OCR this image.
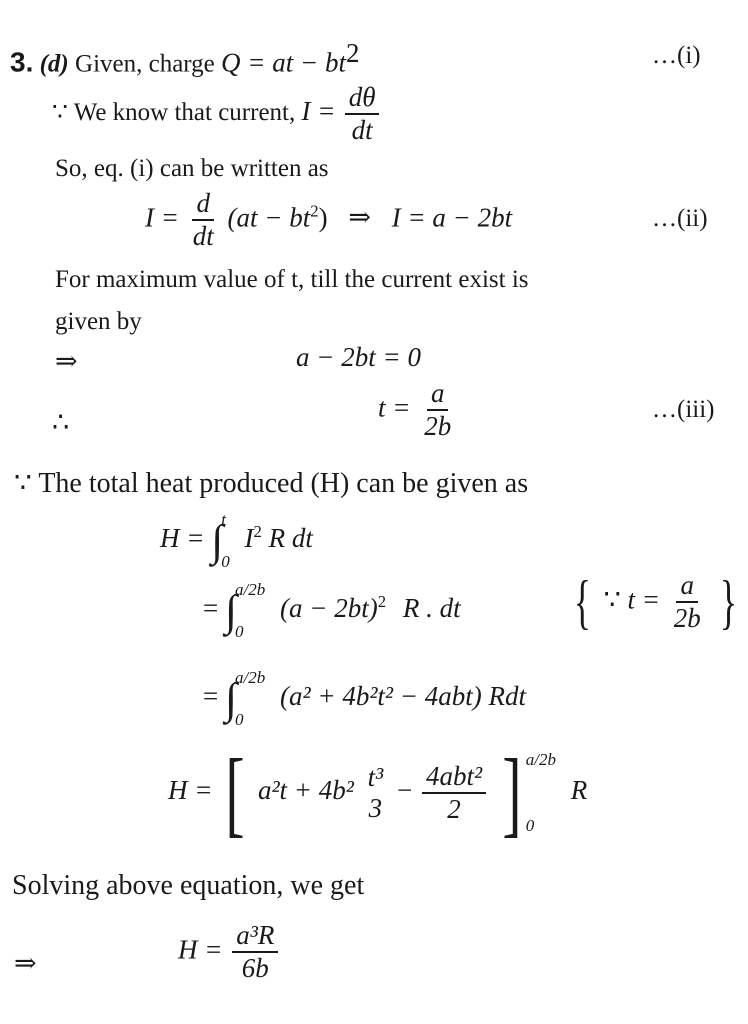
3. (d) Given, charge Q = at − $bt^2$	…(i)
∵ We know that current, $I = \frac{d\theta}{dt}$
So, eq. (i) can be written as
$I = \frac{d}{dt} (at - bt^2)$ ⇒ I = a − 2bt	…(ii)
For maximum value of t, till the current exist is
given by
⇒	a − 2bt = 0
∴	$t = \frac{a}{2b}$	…(iii)
∵ The total heat produced (H) can be given as
H = ∫
t
0
$I^2$ R dt
= ∫
a/2b
0
$(a - 2bt)^2$ R . dt { ∵ $t = \frac{a}{2b}$ }
= ∫
a/2b
0
(a² + 4b²t² − 4abt) Rdt
H = [ a²t + 4b² t³
3
− $\frac{\text{4abt²}}{2}$ ] a/2b
0
R
Solving above equation, we get
⇒	$H = \frac{\text{a³R}}{6b}$
